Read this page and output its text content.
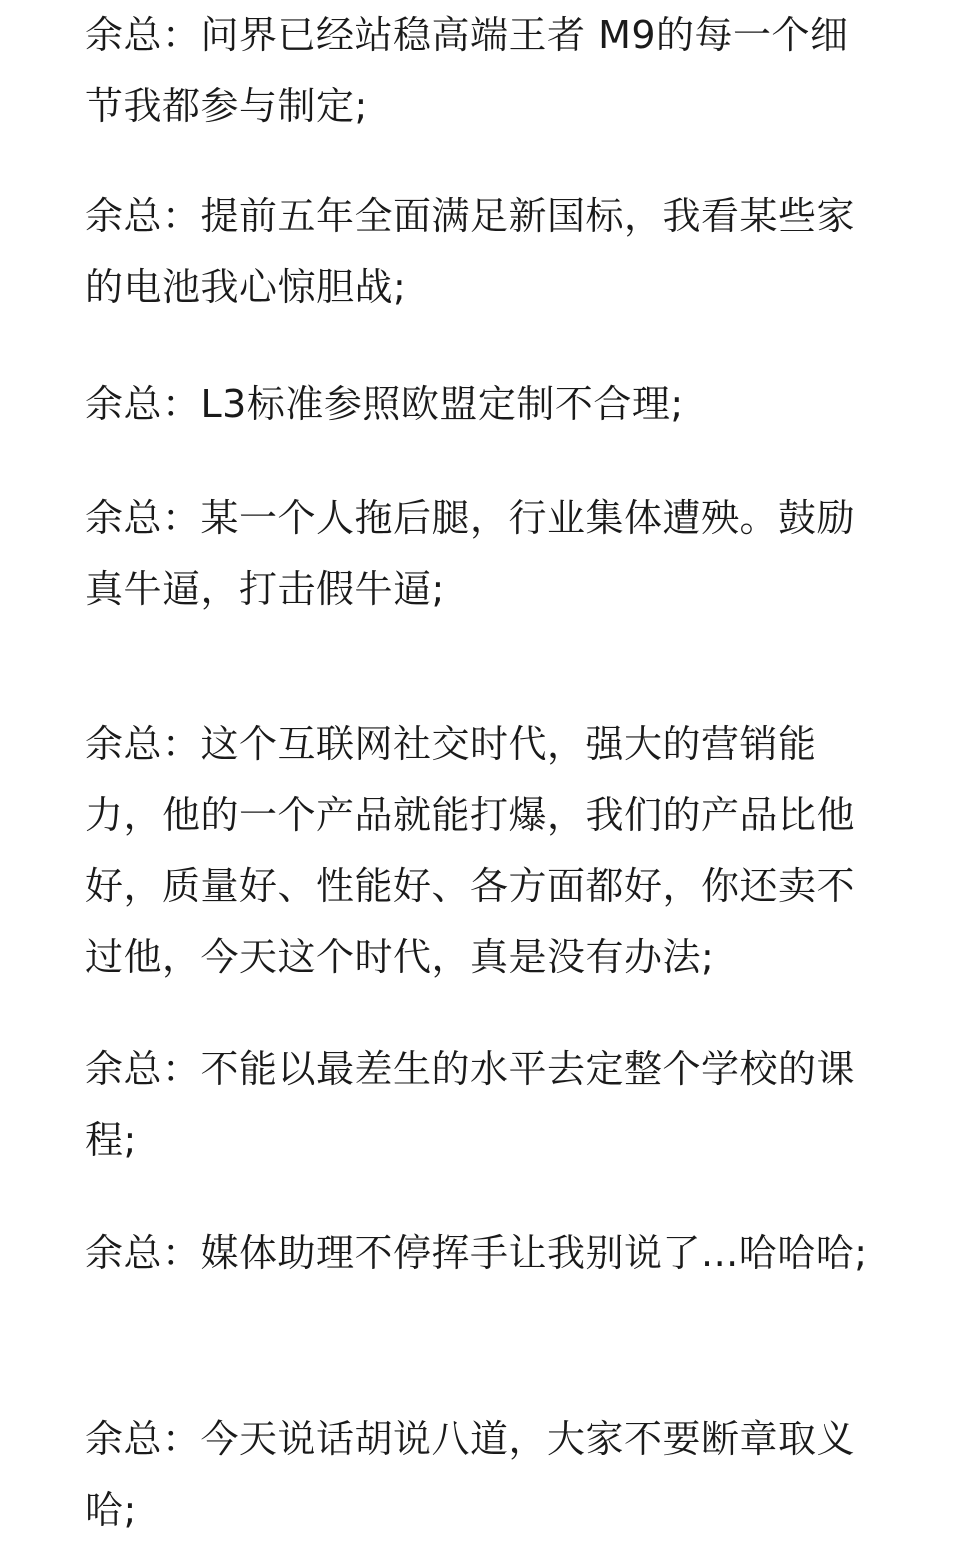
余总：问界已经站稳高端王者 M9的每一个细节我都参与制定;

余总：提前五年全面满足新国标，我看某些家的电池我心惊胆战;

余总：L3标准参照欧盟定制不合理;

余总：某一个人拖后腿，行业集体遭殃。鼓励真牛逼，打击假牛逼;

余总：这个互联网社交时代，强大的营销能力，他的一个产品就能打爆，我们的产品比他好，质量好、性能好、各方面都好，你还卖不过他，今天这个时代，真是没有办法;

余总：不能以最差生的水平去定整个学校的课程;

余总：媒体助理不停挥手让我别说了...哈哈哈;

余总：今天说话胡说八道，大家不要断章取义哈;
